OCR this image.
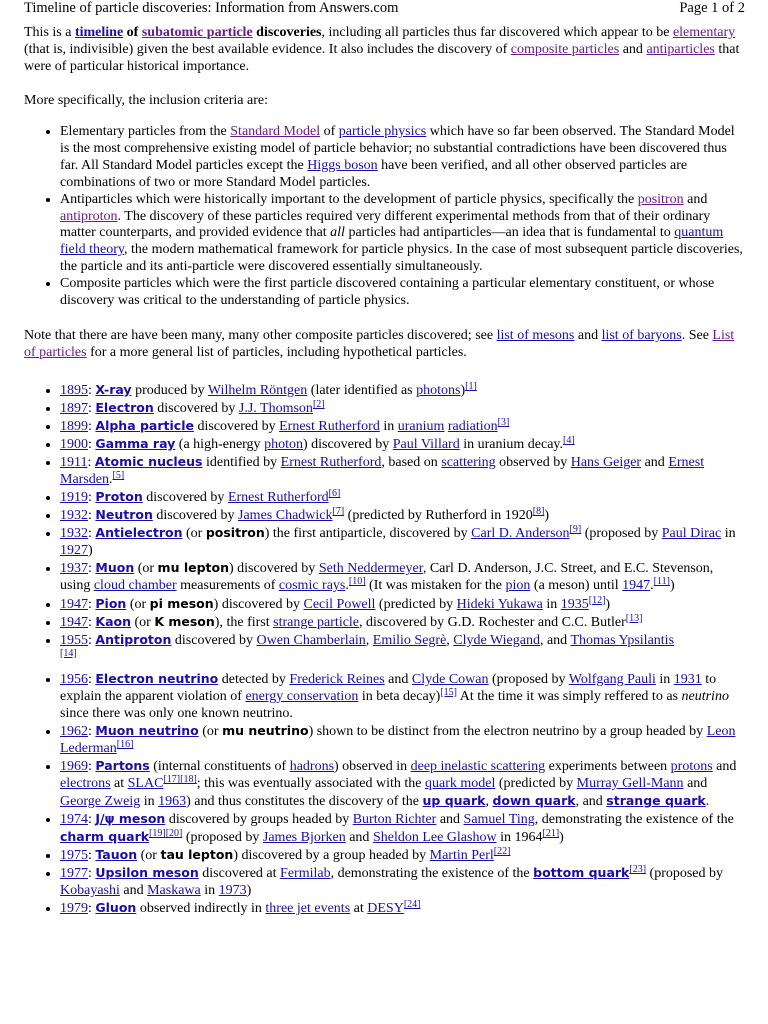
Timeline of particle discoveries: Information from Answers.com	Page 1 of 2

This is a timeline of subatomic particle discoveries, including all particles thus far discovered which appear to be elementary (that is, indivisible) given the best available evidence. It also includes the discovery of composite particles and antiparticles that were of particular historical importance.

More specifically, the inclusion criteria are:

• Elementary particles from the Standard Model of particle physics which have so far been observed. The Standard Model is the most comprehensive existing model of particle behavior; no substantial contradictions have been discovered thus far. All Standard Model particles except the Higgs boson have been verified, and all other observed particles are combinations of two or more Standard Model particles.
• Antiparticles which were historically important to the development of particle physics, specifically the positron and antiproton. The discovery of these particles required very different experimental methods from that of their ordinary matter counterparts, and provided evidence that all particles had antiparticles—an idea that is fundamental to quantum field theory, the modern mathematical framework for particle physics. In the case of most subsequent particle discoveries, the particle and its anti-particle were discovered essentially simultaneously.
• Composite particles which were the first particle discovered containing a particular elementary constituent, or whose discovery was critical to the understanding of particle physics.

Note that there are have been many, many other composite particles discovered; see list of mesons and list of baryons. See List of particles for a more general list of particles, including hypothetical particles.

• 1895: X-ray produced by Wilhelm Röntgen (later identified as photons)[1]
• 1897: Electron discovered by J.J. Thomson[2]
• 1899: Alpha particle discovered by Ernest Rutherford in uranium radiation[3]
• 1900: Gamma ray (a high-energy photon) discovered by Paul Villard in uranium decay.[4]
• 1911: Atomic nucleus identified by Ernest Rutherford, based on scattering observed by Hans Geiger and Ernest Marsden.[5]
• 1919: Proton discovered by Ernest Rutherford[6]
• 1932: Neutron discovered by James Chadwick[7] (predicted by Rutherford in 1920[8])
• 1932: Antielectron (or positron) the first antiparticle, discovered by Carl D. Anderson[9] (proposed by Paul Dirac in 1927)
• 1937: Muon (or mu lepton) discovered by Seth Neddermeyer, Carl D. Anderson, J.C. Street, and E.C. Stevenson, using cloud chamber measurements of cosmic rays.[10] (It was mistaken for the pion (a meson) until 1947.[11])
• 1947: Pion (or pi meson) discovered by Cecil Powell (predicted by Hideki Yukawa in 1935[12])
• 1947: Kaon (or K meson), the first strange particle, discovered by G.D. Rochester and C.C. Butler[13]
• 1955: Antiproton discovered by Owen Chamberlain, Emilio Segrè, Clyde Wiegand, and Thomas Ypsilantis
[14]
• 1956: Electron neutrino detected by Frederick Reines and Clyde Cowan (proposed by Wolfgang Pauli in 1931 to explain the apparent violation of energy conservation in beta decay)[15] At the time it was simply reffered to as neutrino since there was only one known neutrino.
• 1962: Muon neutrino (or mu neutrino) shown to be distinct from the electron neutrino by a group headed by Leon Lederman[16]
• 1969: Partons (internal constituents of hadrons) observed in deep inelastic scattering experiments between protons and electrons at SLAC[17][18]; this was eventually associated with the quark model (predicted by Murray Gell-Mann and George Zweig in 1963) and thus constitutes the discovery of the up quark, down quark, and strange quark.
• 1974: J/ψ meson discovered by groups headed by Burton Richter and Samuel Ting, demonstrating the existence of the charm quark[19][20] (proposed by James Bjorken and Sheldon Lee Glashow in 1964[21])
• 1975: Tauon (or tau lepton) discovered by a group headed by Martin Perl[22]
• 1977: Upsilon meson discovered at Fermilab, demonstrating the existence of the bottom quark[23] (proposed by Kobayashi and Maskawa in 1973)
• 1979: Gluon observed indirectly in three jet events at DESY[24]
